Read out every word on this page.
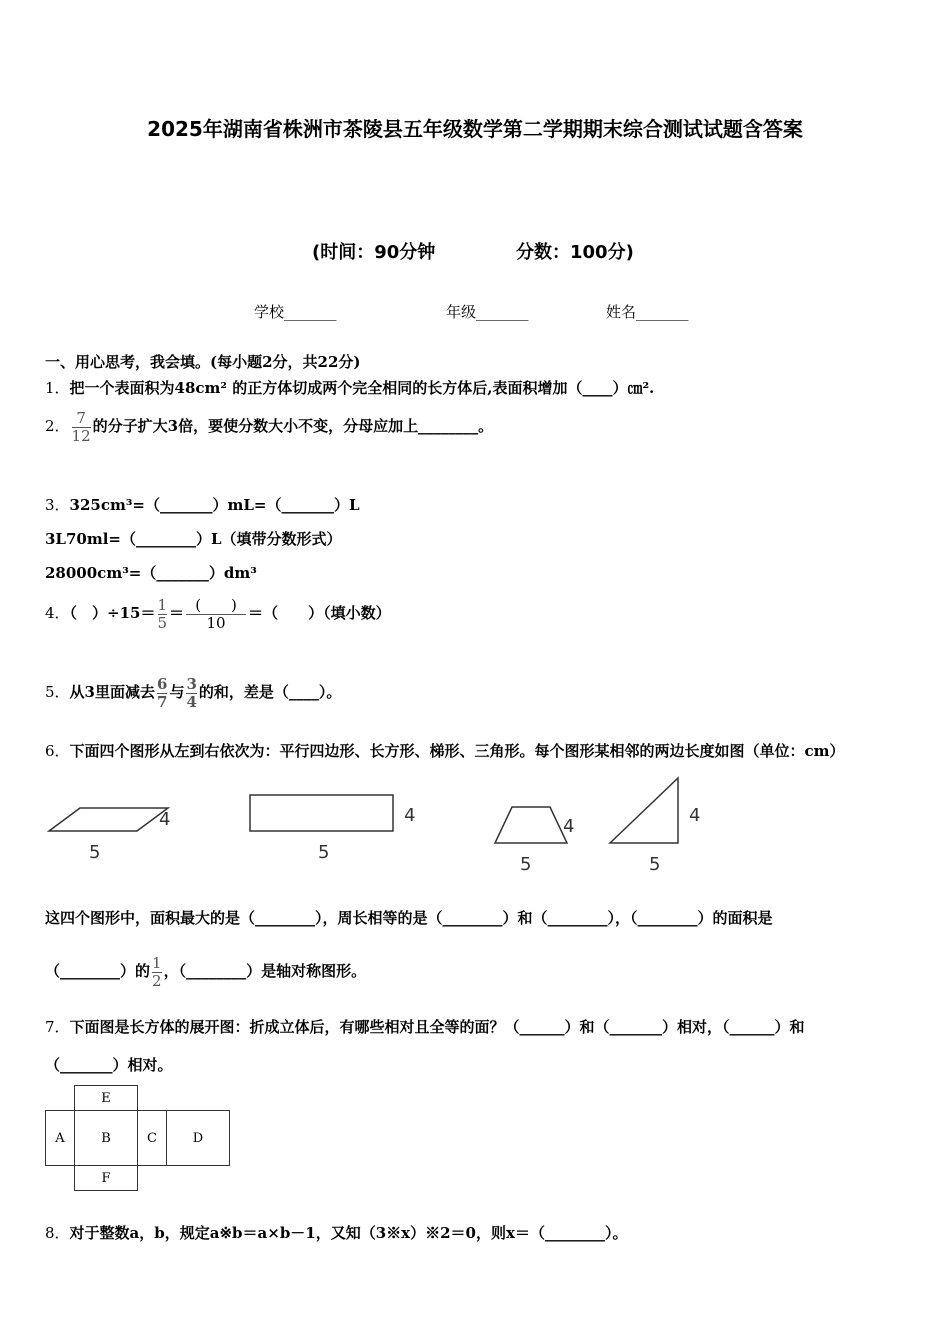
2025年湖南省株洲市茶陵县五年级数学第二学期期末综合测试试题含答案
(时间：90分钟	分数：100分)
学校_______	年级_______	姓名_______
一、用心思考，我会填。(每小题2分，共22分)
1．把一个表面积为48cm² 的正方体切成两个完全相同的长方体后,表面积增加（____）㎝².
2． $\frac{7}{12}$ 的分子扩大3倍，要使分数大小不变，分母应加上________。
3．325cm³=（_______）mL=（_______）L
3L70ml=（________）L（填带分数形式）
28000cm³=（_______）dm³
4．（　）$\div 15= \frac{1}{5} = \frac{( )}{10}$ ＝（　　）（填小数）
5．从3里面减去 $\frac{6}{7}$ 与 $\frac{3}{4}$ 的和，差是（____）。
6．下面四个图形从左到右依次为：平行四边形、长方形、梯形、三角形。每个图形某相邻的两边长度如图（单位：cm）
4
5
4
5
4
5
4
5
这四个图形中，面积最大的是（________），周长相等的是（________）和（________），（________）的面积是
（________）的 $\frac{1}{2}$ ，（________）是轴对称图形。
7．下面图是长方体的展开图：折成立体后，有哪些相对且全等的面？（______）和（_______）相对，（______）和
（_______）相对。
E
A	B	C	D
F
8．对于整数a，b，规定a※b＝a×b－1，又知（3※x）※2＝0，则x＝（________）。
